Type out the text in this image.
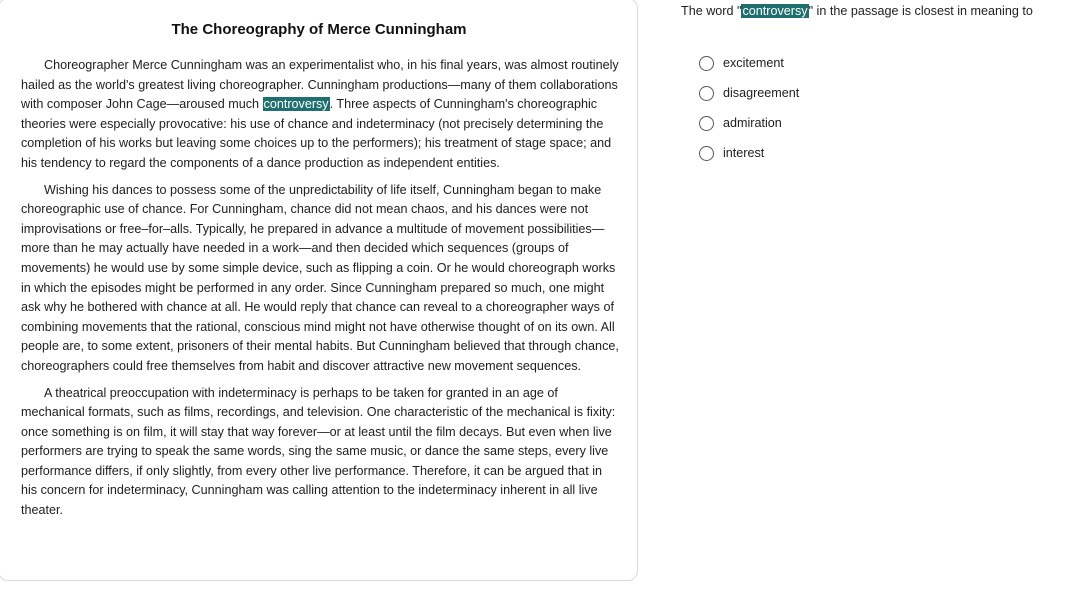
The Choreography of Merce Cunningham

Choreographer Merce Cunningham was an experimentalist who, in his final years, was almost routinely hailed as the world's greatest living choreographer. Cunningham productions—many of them collaborations with composer John Cage—aroused much controversy. Three aspects of Cunningham's choreographic theories were especially provocative: his use of chance and indeterminacy (not precisely determining the completion of his works but leaving some choices up to the performers); his treatment of stage space; and his tendency to regard the components of a dance production as independent entities.

Wishing his dances to possess some of the unpredictability of life itself, Cunningham began to make choreographic use of chance. For Cunningham, chance did not mean chaos, and his dances were not improvisations or free–for–alls. Typically, he prepared in advance a multitude of movement possibilities—more than he may actually have needed in a work—and then decided which sequences (groups of movements) he would use by some simple device, such as flipping a coin. Or he would choreograph works in which the episodes might be performed in any order. Since Cunningham prepared so much, one might ask why he bothered with chance at all. He would reply that chance can reveal to a choreographer ways of combining movements that the rational, conscious mind might not have otherwise thought of on its own. All people are, to some extent, prisoners of their mental habits. But Cunningham believed that through chance, choreographers could free themselves from habit and discover attractive new movement sequences.

A theatrical preoccupation with indeterminacy is perhaps to be taken for granted in an age of mechanical formats, such as films, recordings, and television. One characteristic of the mechanical is fixity: once something is on film, it will stay that way forever—or at least until the film decays. But even when live performers are trying to speak the same words, sing the same music, or dance the same steps, every live performance differs, if only slightly, from every other live performance. Therefore, it can be argued that in his concern for indeterminacy, Cunningham was calling attention to the indeterminacy inherent in all live theater.

The word "controversy" in the passage is closest in meaning to
excitement
disagreement
admiration
interest
